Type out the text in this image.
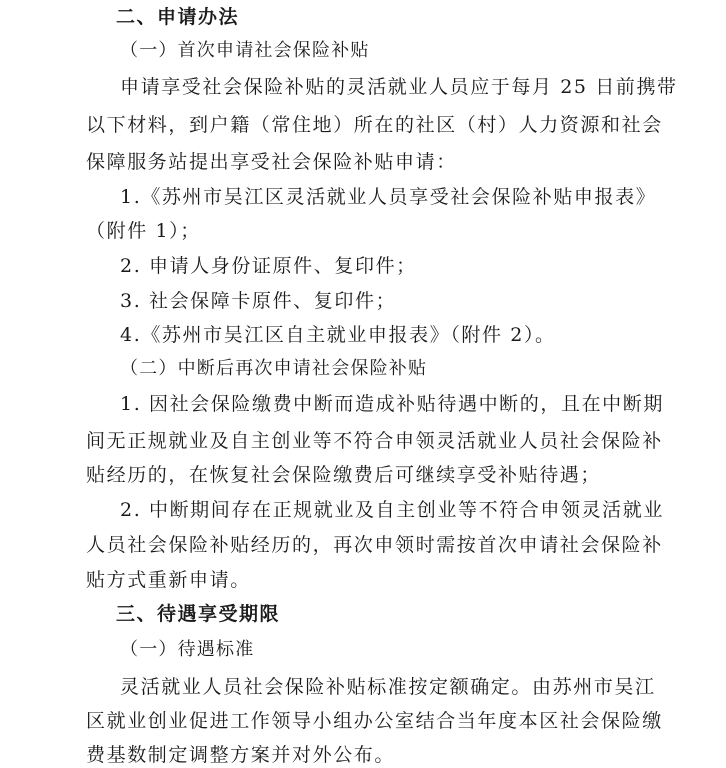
二、申请办法
（一）首次申请社会保险补贴
申请享受社会保险补贴的灵活就业人员应于每月 25 日前携带
以下材料，到户籍（常住地）所在的社区（村）人力资源和社会
保障服务站提出享受社会保险补贴申请：
1.《苏州市吴江区灵活就业人员享受社会保险补贴申报表》
（附件 1）；
2. 申请人身份证原件、复印件；
3. 社会保障卡原件、复印件；
4.《苏州市吴江区自主就业申报表》（附件 2）。
（二）中断后再次申请社会保险补贴
1. 因社会保险缴费中断而造成补贴待遇中断的，且在中断期
间无正规就业及自主创业等不符合申领灵活就业人员社会保险补
贴经历的，在恢复社会保险缴费后可继续享受补贴待遇；
2. 中断期间存在正规就业及自主创业等不符合申领灵活就业
人员社会保险补贴经历的，再次申领时需按首次申请社会保险补
贴方式重新申请。
三、待遇享受期限
（一）待遇标准
灵活就业人员社会保险补贴标准按定额确定。由苏州市吴江
区就业创业促进工作领导小组办公室结合当年度本区社会保险缴
费基数制定调整方案并对外公布。
